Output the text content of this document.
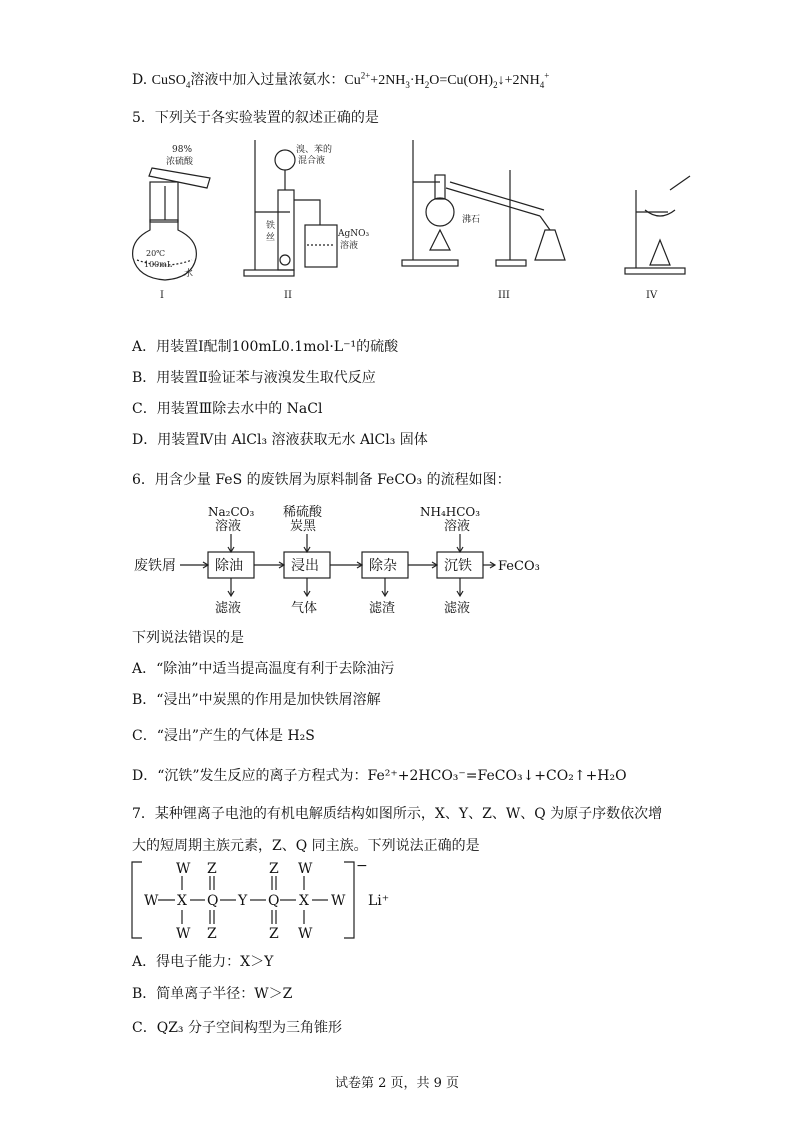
D. CuSO$_4$溶液中加入过量浓氨水：$Cu^{2+}+2NH_3\cdot H_2O=Cu(OH)_2↓+2NH_4^+$
5．下列关于各实验装置的叙述正确的是
98%
浓硫酸
20℃
100mL
水
I
溴、苯的
混合液
铁
丝	AgNO₃
溶液
II
沸石
III	IV
A．用装置Ⅰ配制100mL0.1mol·L⁻¹的硫酸
B．用装置Ⅱ验证苯与液溴发生取代反应
C．用装置Ⅲ除去水中的 NaCl
D．用装置Ⅳ由 AlCl₃ 溶液获取无水 AlCl₃ 固体
6．用含少量 FeS 的废铁屑为原料制备 FeCO₃ 的流程如图：
废铁屑	除油	浸出	除杂	沉铁 FeCO₃
Na₂CO₃
溶液
稀硫酸
炭黑
NH₄HCO₃
溶液
滤液	气体	滤渣	滤液
下列说法错误的是
A．“除油”中适当提高温度有利于去除油污
B．“浸出”中炭黑的作用是加快铁屑溶解
C．“浸出”产生的气体是 H₂S
D．“沉铁”发生反应的离子方程式为：Fe²⁺+2HCO₃⁻=FeCO₃↓+CO₂↑+H₂O
7．某种锂离子电池的有机电解质结构如图所示，X、Y、Z、W、Q 为原子序数依次增
大的短周期主族元素，Z、Q 同主族。下列说法正确的是
W X Q Y Q X W
W Z	Z W
W Z	Z W
−
Li⁺
A．得电子能力：X＞Y
B．简单离子半径：W＞Z
C．QZ₃ 分子空间构型为三角锥形
试卷第 2 页，共 9 页
